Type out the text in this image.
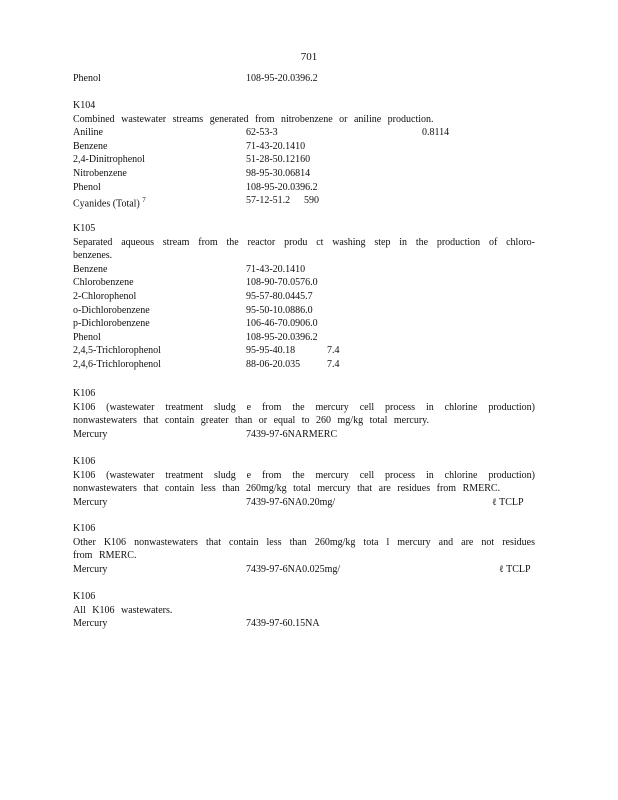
701
Phenol	108-95-20.0396.2
K104
Combined wastewater streams generated from nitrobenzene or aniline production.
Aniline	62-53-3	0.8114
Benzene	71-43-20.1410
2,4-Dinitrophenol	51-28-50.12160
Nitrobenzene	98-95-30.06814
Phenol	108-95-20.0396.2
Cyanides (Total) $^7$	57-12-51.2 590
K105
Separated aqueous stream from the reactor produ ct washing step in the production of chloro-benzenes.
Benzene	71-43-20.1410
Chlorobenzene	108-90-70.0576.0
2-Chlorophenol	95-57-80.0445.7
o-Dichlorobenzene	95-50-10.0886.0
p-Dichlorobenzene	106-46-70.0906.0
Phenol	108-95-20.0396.2
2,4,5-Trichlorophenol	95-95-40.18	7.4
2,4,6-Trichlorophenol	88-06-20.035	7.4
K106
K106 (wastewater treatment sludg e from the mercury cell process in chlorine production) nonwastewaters that contain greater than or equal to 260 mg/kg total mercury.
Mercury	7439-97-6NARMERC
K106
K106 (wastewater treatment sludg e from the mercury cell process in chlorine production) nonwastewaters that contain less than 260mg/kg total mercury that are residues from RMERC.
Mercury	7439-97-6NA0.20mg/	ℓ TCLP
K106
Other K106 nonwastewaters that contain less than 260mg/kg tota l mercury and are not residues from RMERC.
Mercury	7439-97-6NA0.025mg/	ℓ TCLP
K106
All K106 wastewaters.
Mercury	7439-97-60.15NA
